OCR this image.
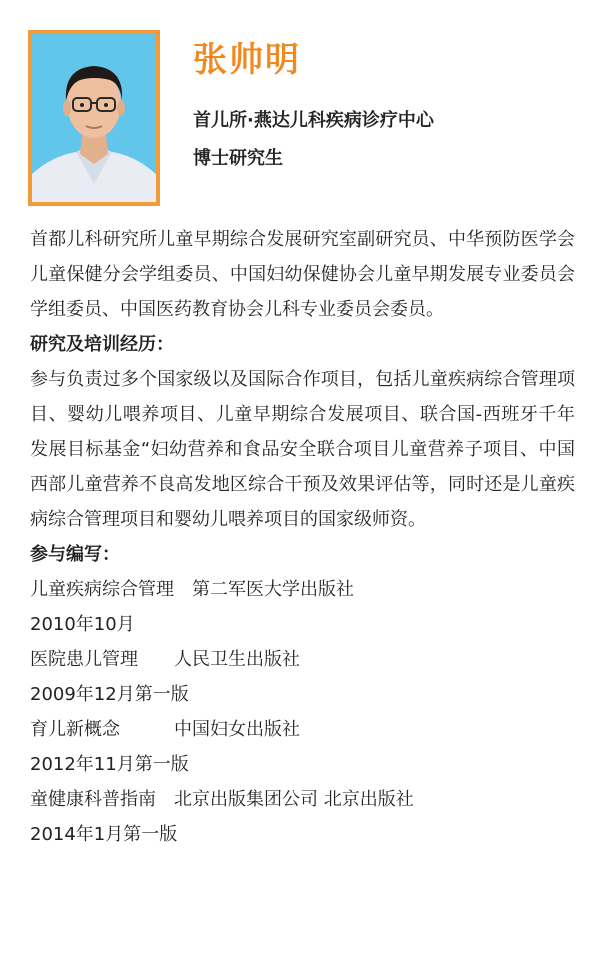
张帅明
首儿所·燕达儿科疾病诊疗中心
博士研究生

首都儿科研究所儿童早期综合发展研究室副研究员、中华预防医学会儿童保健分会学组委员、中国妇幼保健协会儿童早期发展专业委员会学组委员、中国医药教育协会儿科专业委员会委员。

研究及培训经历：

参与负责过多个国家级以及国际合作项目，包括儿童疾病综合管理项目、婴幼儿喂养项目、儿童早期综合发展项目、联合国-西班牙千年发展目标基金“妇幼营养和食品安全联合项目儿童营养子项目、中国西部儿童营养不良高发地区综合干预及效果评估等，同时还是儿童疾病综合管理项目和婴幼儿喂养项目的国家级师资。

参与编写：

儿童疾病综合管理　 第二军医大学出版社

2010年10月

医院患儿管理　　 人民卫生出版社

2009年12月第一版

育儿新概念　　　	中国妇女出版社

2012年11月第一版

童健康科普指南　 北京出版集团公司 北京出版社

2014年1月第一版
